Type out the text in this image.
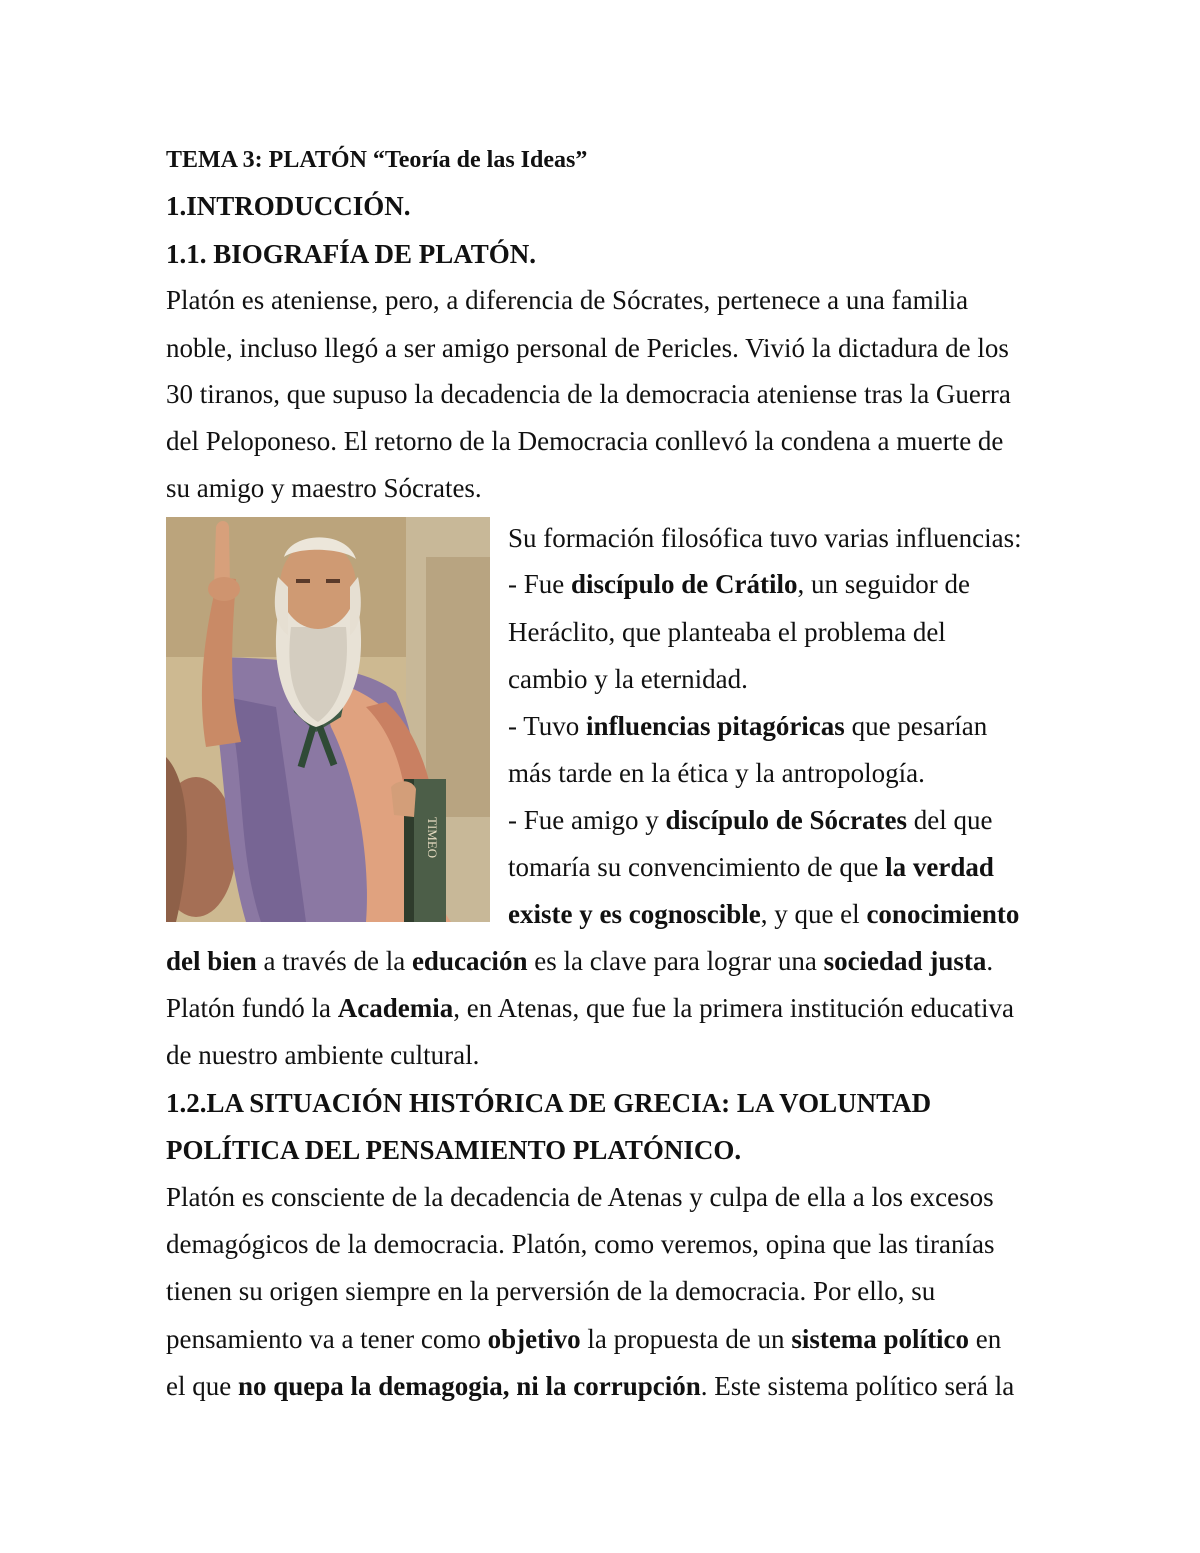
TEMA 3: PLATÓN “Teoría de las Ideas”

1.INTRODUCCIÓN.

1.1. BIOGRAFÍA DE PLATÓN.

Platón es ateniense, pero, a diferencia de Sócrates, pertenece a una familia

noble, incluso llegó a ser amigo personal de Pericles. Vivió la dictadura de los

30 tiranos, que supuso la decadencia de la democracia ateniense tras la Guerra

del Peloponeso. El retorno de la Democracia conllevó la condena a muerte de

su amigo y maestro Sócrates.

TIMEO

Su formación filosófica tuvo varias influencias:

- Fue discípulo de Crátilo, un seguidor de

Heráclito, que planteaba el problema del

cambio y la eternidad.

- Tuvo influencias pitagóricas que pesarían

más tarde en la ética y la antropología.

- Fue amigo y discípulo de Sócrates del que

tomaría su convencimiento de que la verdad

existe y es cognoscible, y que el conocimiento

del bien a través de la educación es la clave para lograr una sociedad justa.

Platón fundó la Academia, en Atenas, que fue la primera institución educativa

de nuestro ambiente cultural.

1.2.LA SITUACIÓN HISTÓRICA DE GRECIA: LA VOLUNTAD

POLÍTICA DEL PENSAMIENTO PLATÓNICO.

Platón es consciente de la decadencia de Atenas y culpa de ella a los excesos

demagógicos de la democracia. Platón, como veremos, opina que las tiranías

tienen su origen siempre en la perversión de la democracia. Por ello, su

pensamiento va a tener como objetivo la propuesta de un sistema político en

el que no quepa la demagogia, ni la corrupción. Este sistema político será la
